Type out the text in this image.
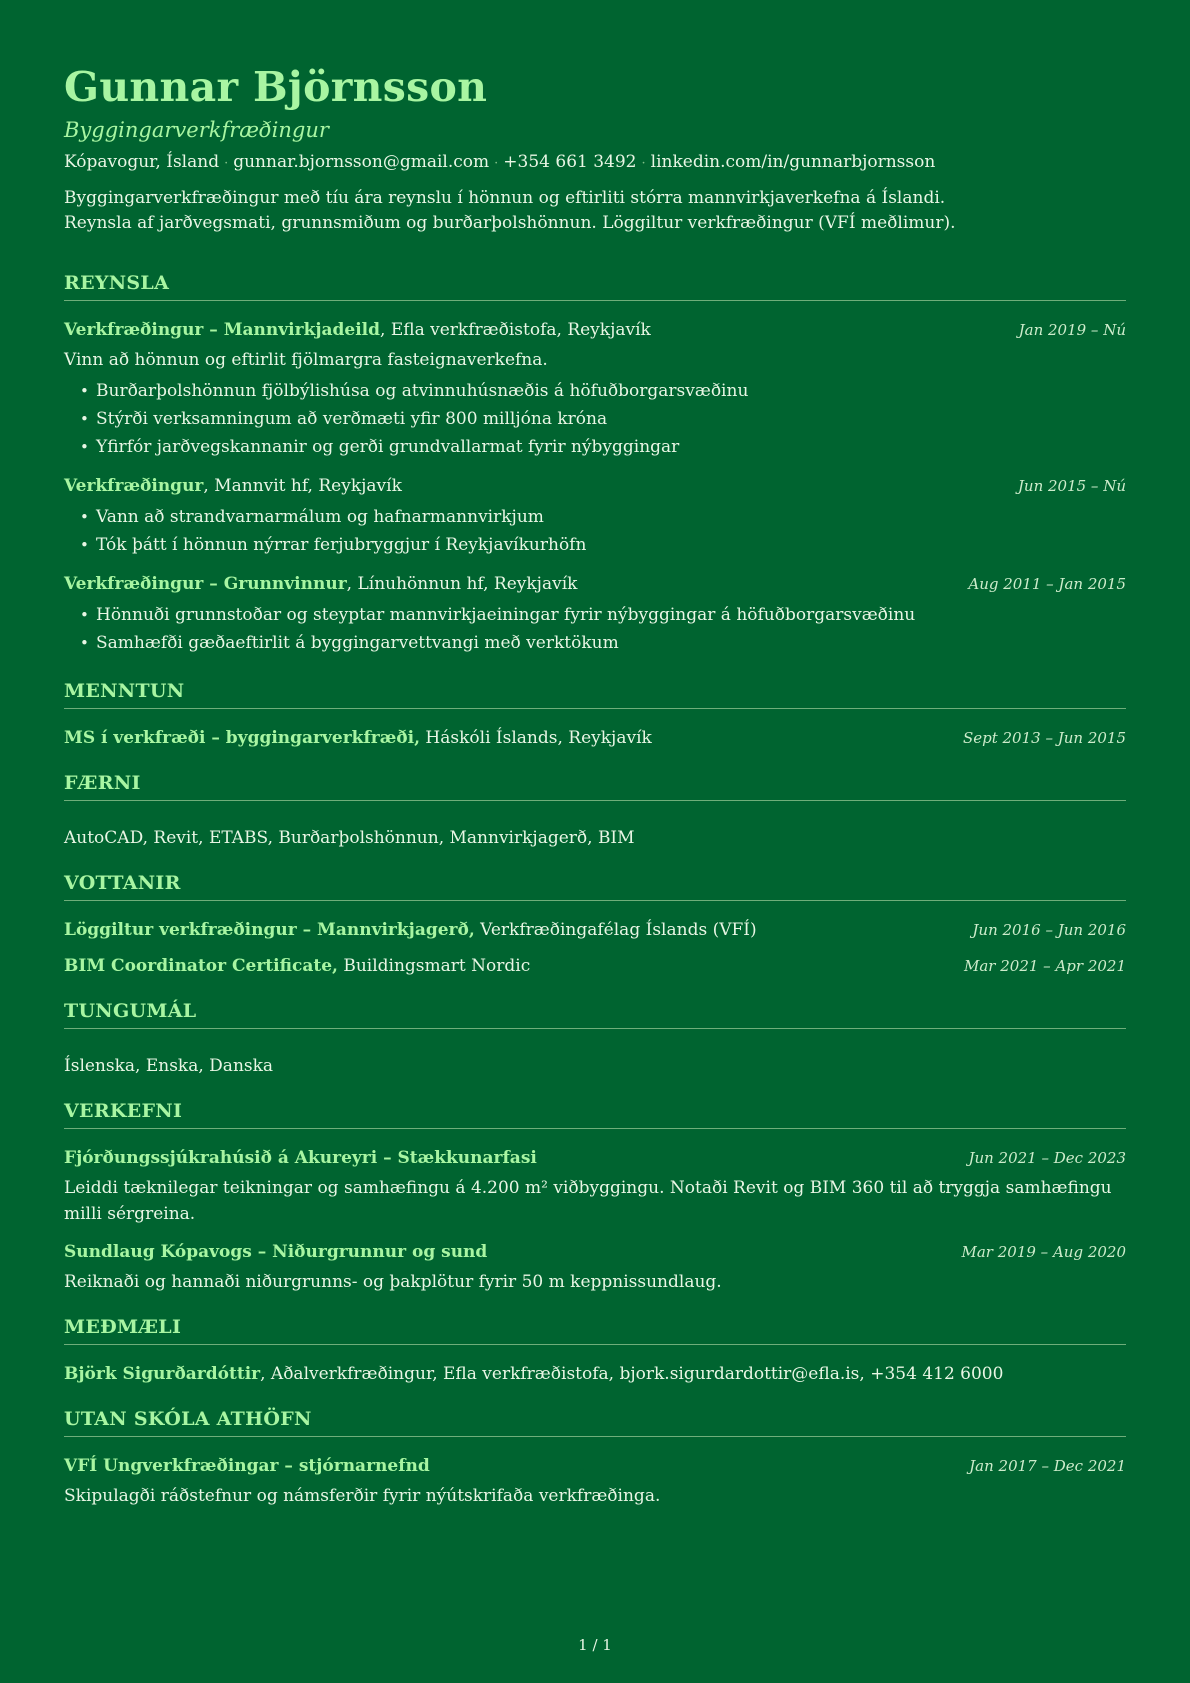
Gunnar Björnsson
Byggingarverkfræðingur
Kópavogur, Ísland · gunnar.bjornsson@gmail.com · +354 661 3492 · linkedin.com/in/gunnarbjornsson
Byggingarverkfræðingur með tíu ára reynslu í hönnun og eftirliti stórra mannvirkjaverkefna á Íslandi.
Reynsla af jarðvegsmati, grunnsmiðum og burðarþolshönnun. Löggiltur verkfræðingur (VFÍ meðlimur).
REYNSLA
Verkfræðingur – Mannvirkjadeild, Efla verkfræðistofa, Reykjavík	Jan 2019 – Nú
Vinn að hönnun og eftirlit fjölmargra fasteignaverkefna.
• Burðarþolshönnun fjölbýlishúsa og atvinnuhúsnæðis á höfuðborgarsvæðinu
• Stýrði verksamningum að verðmæti yfir 800 milljóna króna
• Yfirfór jarðvegskannanir og gerði grundvallarmat fyrir nýbyggingar
Verkfræðingur, Mannvit hf, Reykjavík	Jun 2015 – Nú
• Vann að strandvarnarmálum og hafnarmannvirkjum
• Tók þátt í hönnun nýrrar ferjubryggjur í Reykjavíkurhöfn
Verkfræðingur – Grunnvinnur, Línuhönnun hf, Reykjavík	Aug 2011 – Jan 2015
• Hönnuði grunnstoðar og steyptar mannvirkjaeiningar fyrir nýbyggingar á höfuðborgarsvæðinu
• Samhæfði gæðaeftirlit á byggingarvettvangi með verktökum
MENNTUN
MS í verkfræði – byggingarverkfræði, Háskóli Íslands, Reykjavík	Sept 2013 – Jun 2015
FÆRNI
AutoCAD, Revit, ETABS, Burðarþolshönnun, Mannvirkjagerð, BIM
VOTTANIR
Löggiltur verkfræðingur – Mannvirkjagerð, Verkfræðingafélag Íslands (VFÍ)	Jun 2016 – Jun 2016
BIM Coordinator Certificate, Buildingsmart Nordic	Mar 2021 – Apr 2021
TUNGUMÁL
Íslenska, Enska, Danska
VERKEFNI
Fjórðungssjúkrahúsið á Akureyri – Stækkunarfasi	Jun 2021 – Dec 2023
Leiddi tæknilegar teikningar og samhæfingu á 4.200 m² viðbyggingu. Notaði Revit og BIM 360 til að tryggja samhæfingu milli sérgreina.
Sundlaug Kópavogs – Niðurgrunnur og sund	Mar 2019 – Aug 2020
Reiknaði og hannaði niðurgrunns- og þakplötur fyrir 50 m keppnissundlaug.
MEÐMÆLI
Björk Sigurðardóttir, Aðalverkfræðingur, Efla verkfræðistofa, bjork.sigurdardottir@efla.is, +354 412 6000
UTAN SKÓLA ATHÖFN
VFÍ Ungverkfræðingar – stjórnarnefnd	Jan 2017 – Dec 2021
Skipulagði ráðstefnur og námsferðir fyrir nýútskrifaða verkfræðinga.
1 / 1
